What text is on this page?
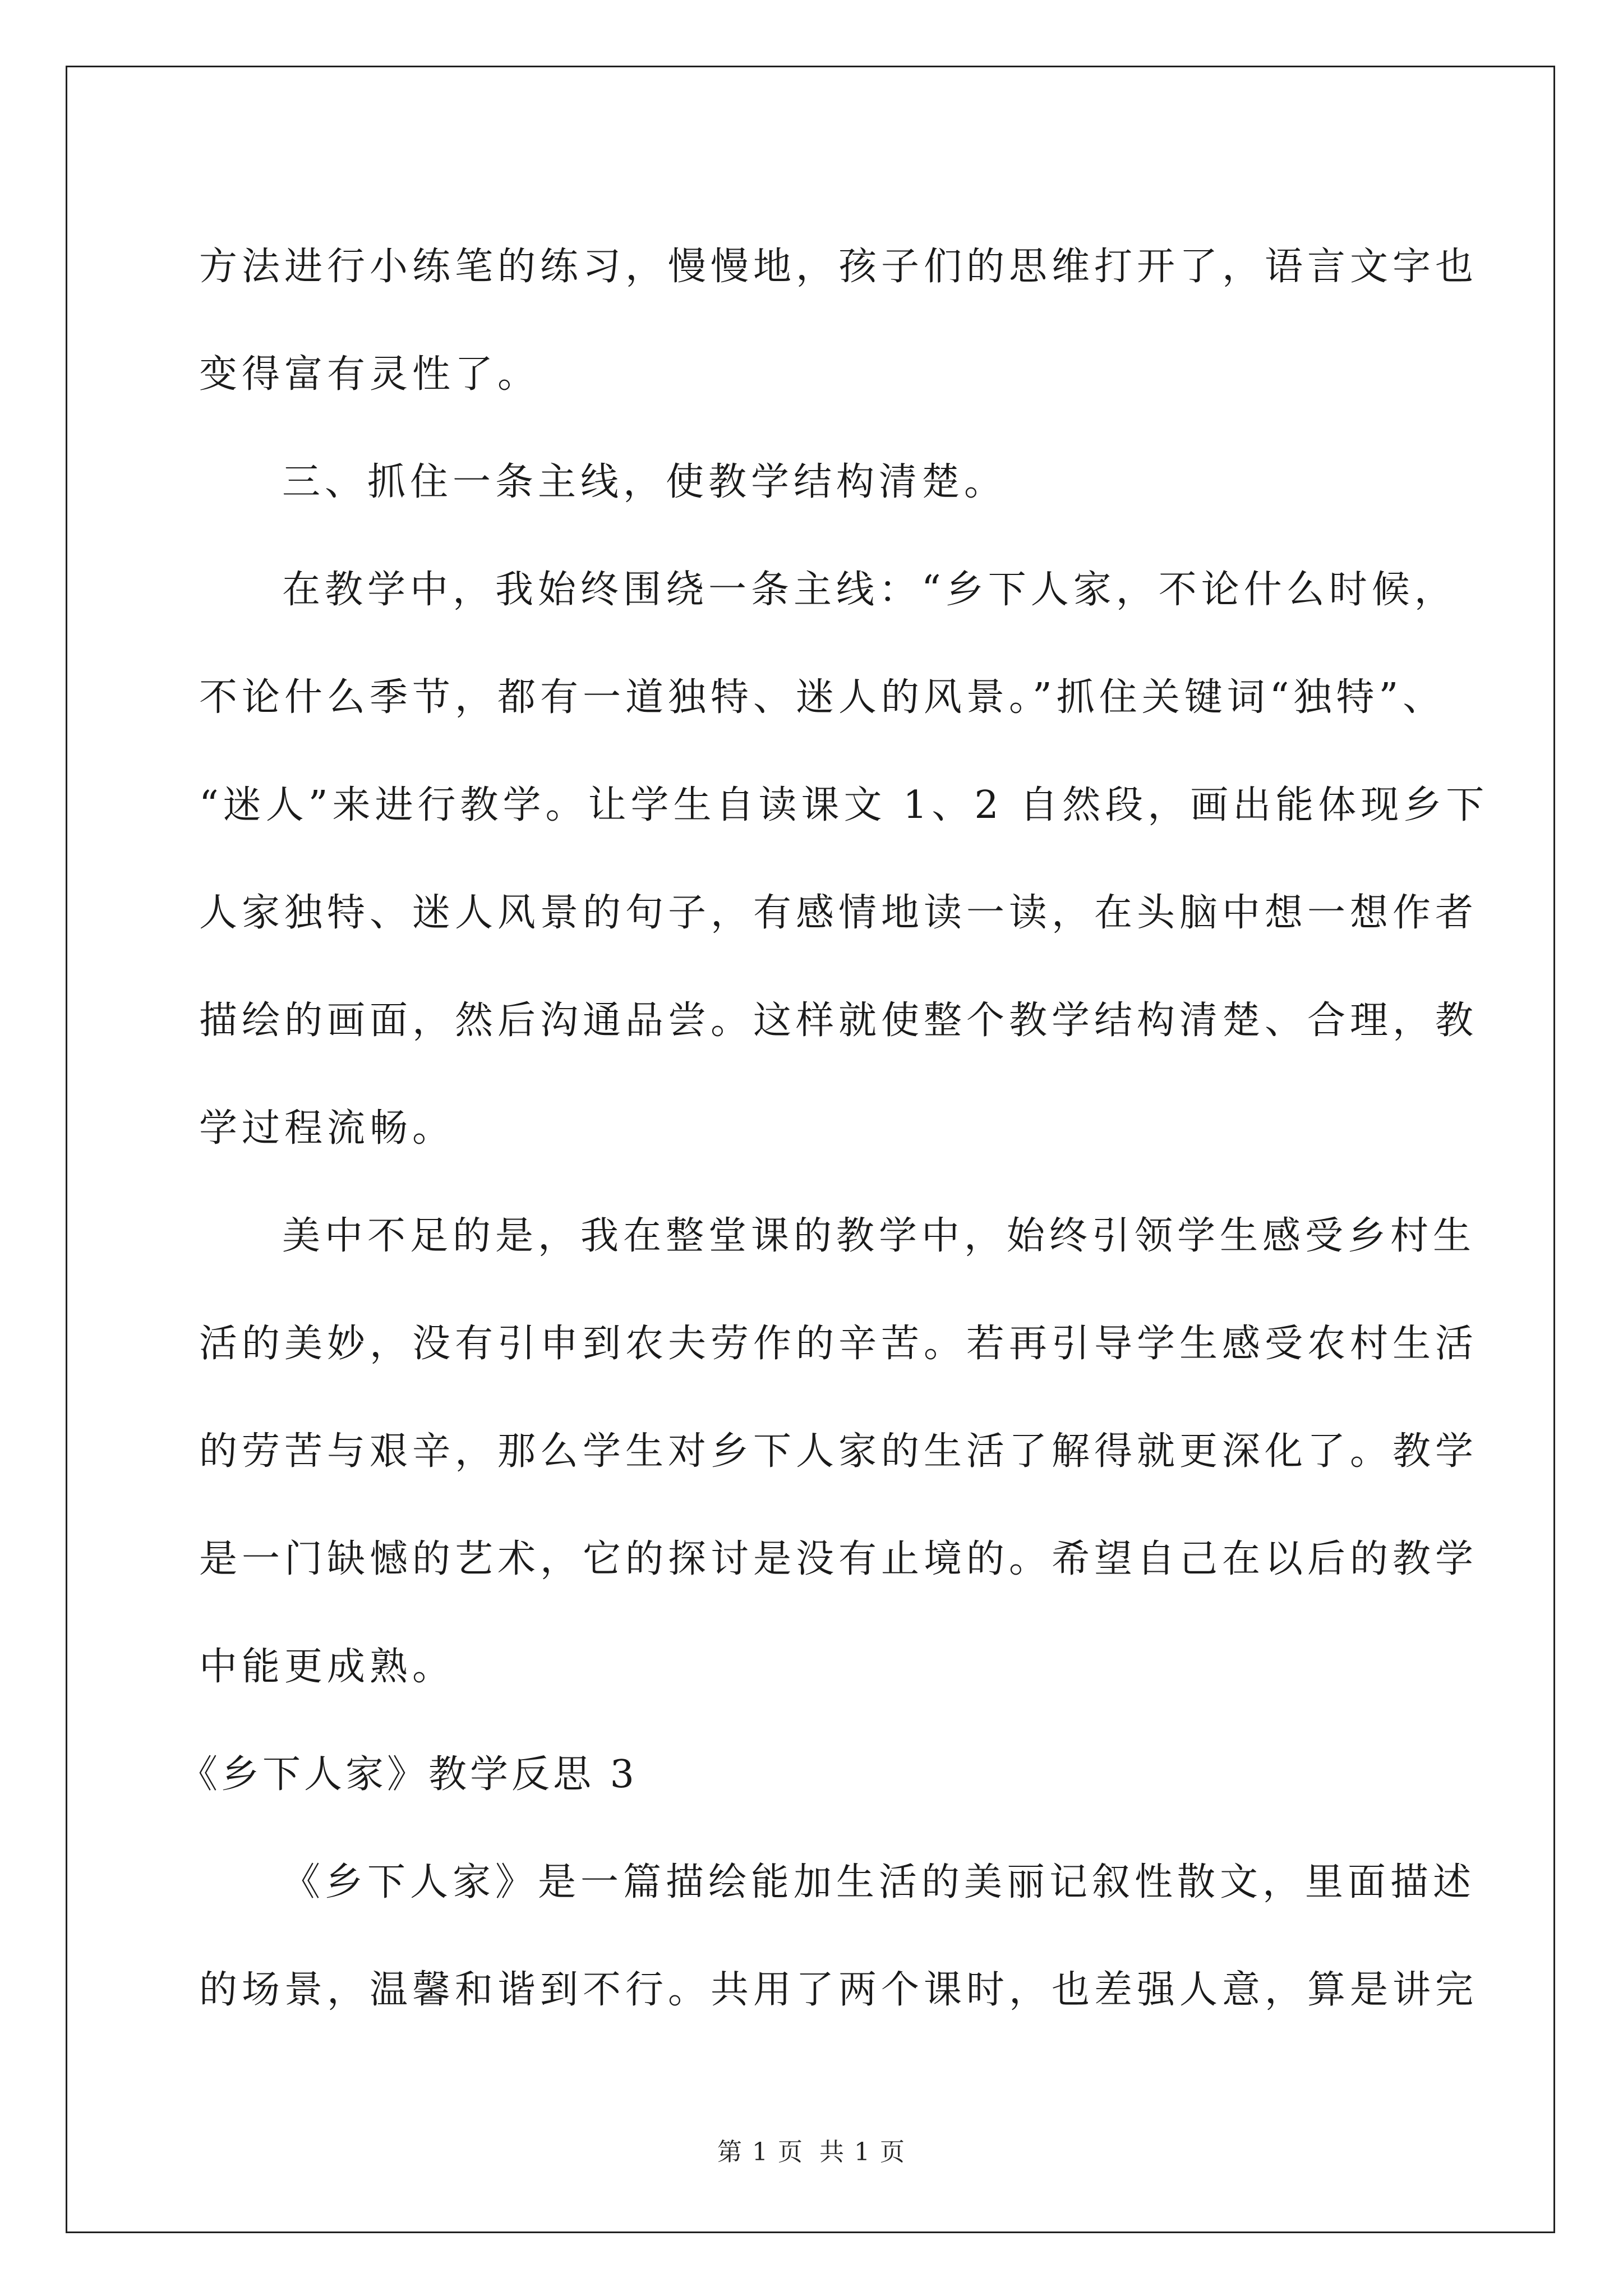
方法进行小练笔的练习，慢慢地，孩子们的思维打开了，语言文字也
变得富有灵性了。
三、抓住一条主线，使教学结构清楚。
在教学中，我始终围绕一条主线：“乡下人家，不论什么时候，
不论什么季节，都有一道独特、迷人的风景。”抓住关键词“独特”、
“迷人”来进行教学。让学生自读课文 1、2 自然段，画出能体现乡下
人家独特、迷人风景的句子，有感情地读一读，在头脑中想一想作者
描绘的画面，然后沟通品尝。这样就使整个教学结构清楚、合理，教
学过程流畅。
美中不足的是，我在整堂课的教学中，始终引领学生感受乡村生
活的美妙，没有引申到农夫劳作的辛苦。若再引导学生感受农村生活
的劳苦与艰辛，那么学生对乡下人家的生活了解得就更深化了。教学
是一门缺憾的艺术，它的探讨是没有止境的。希望自己在以后的教学
中能更成熟。
《乡下人家》教学反思 3
《乡下人家》是一篇描绘能加生活的美丽记叙性散文，里面描述
的场景，温馨和谐到不行。共用了两个课时，也差强人意，算是讲完
第 1 页 共 1 页
